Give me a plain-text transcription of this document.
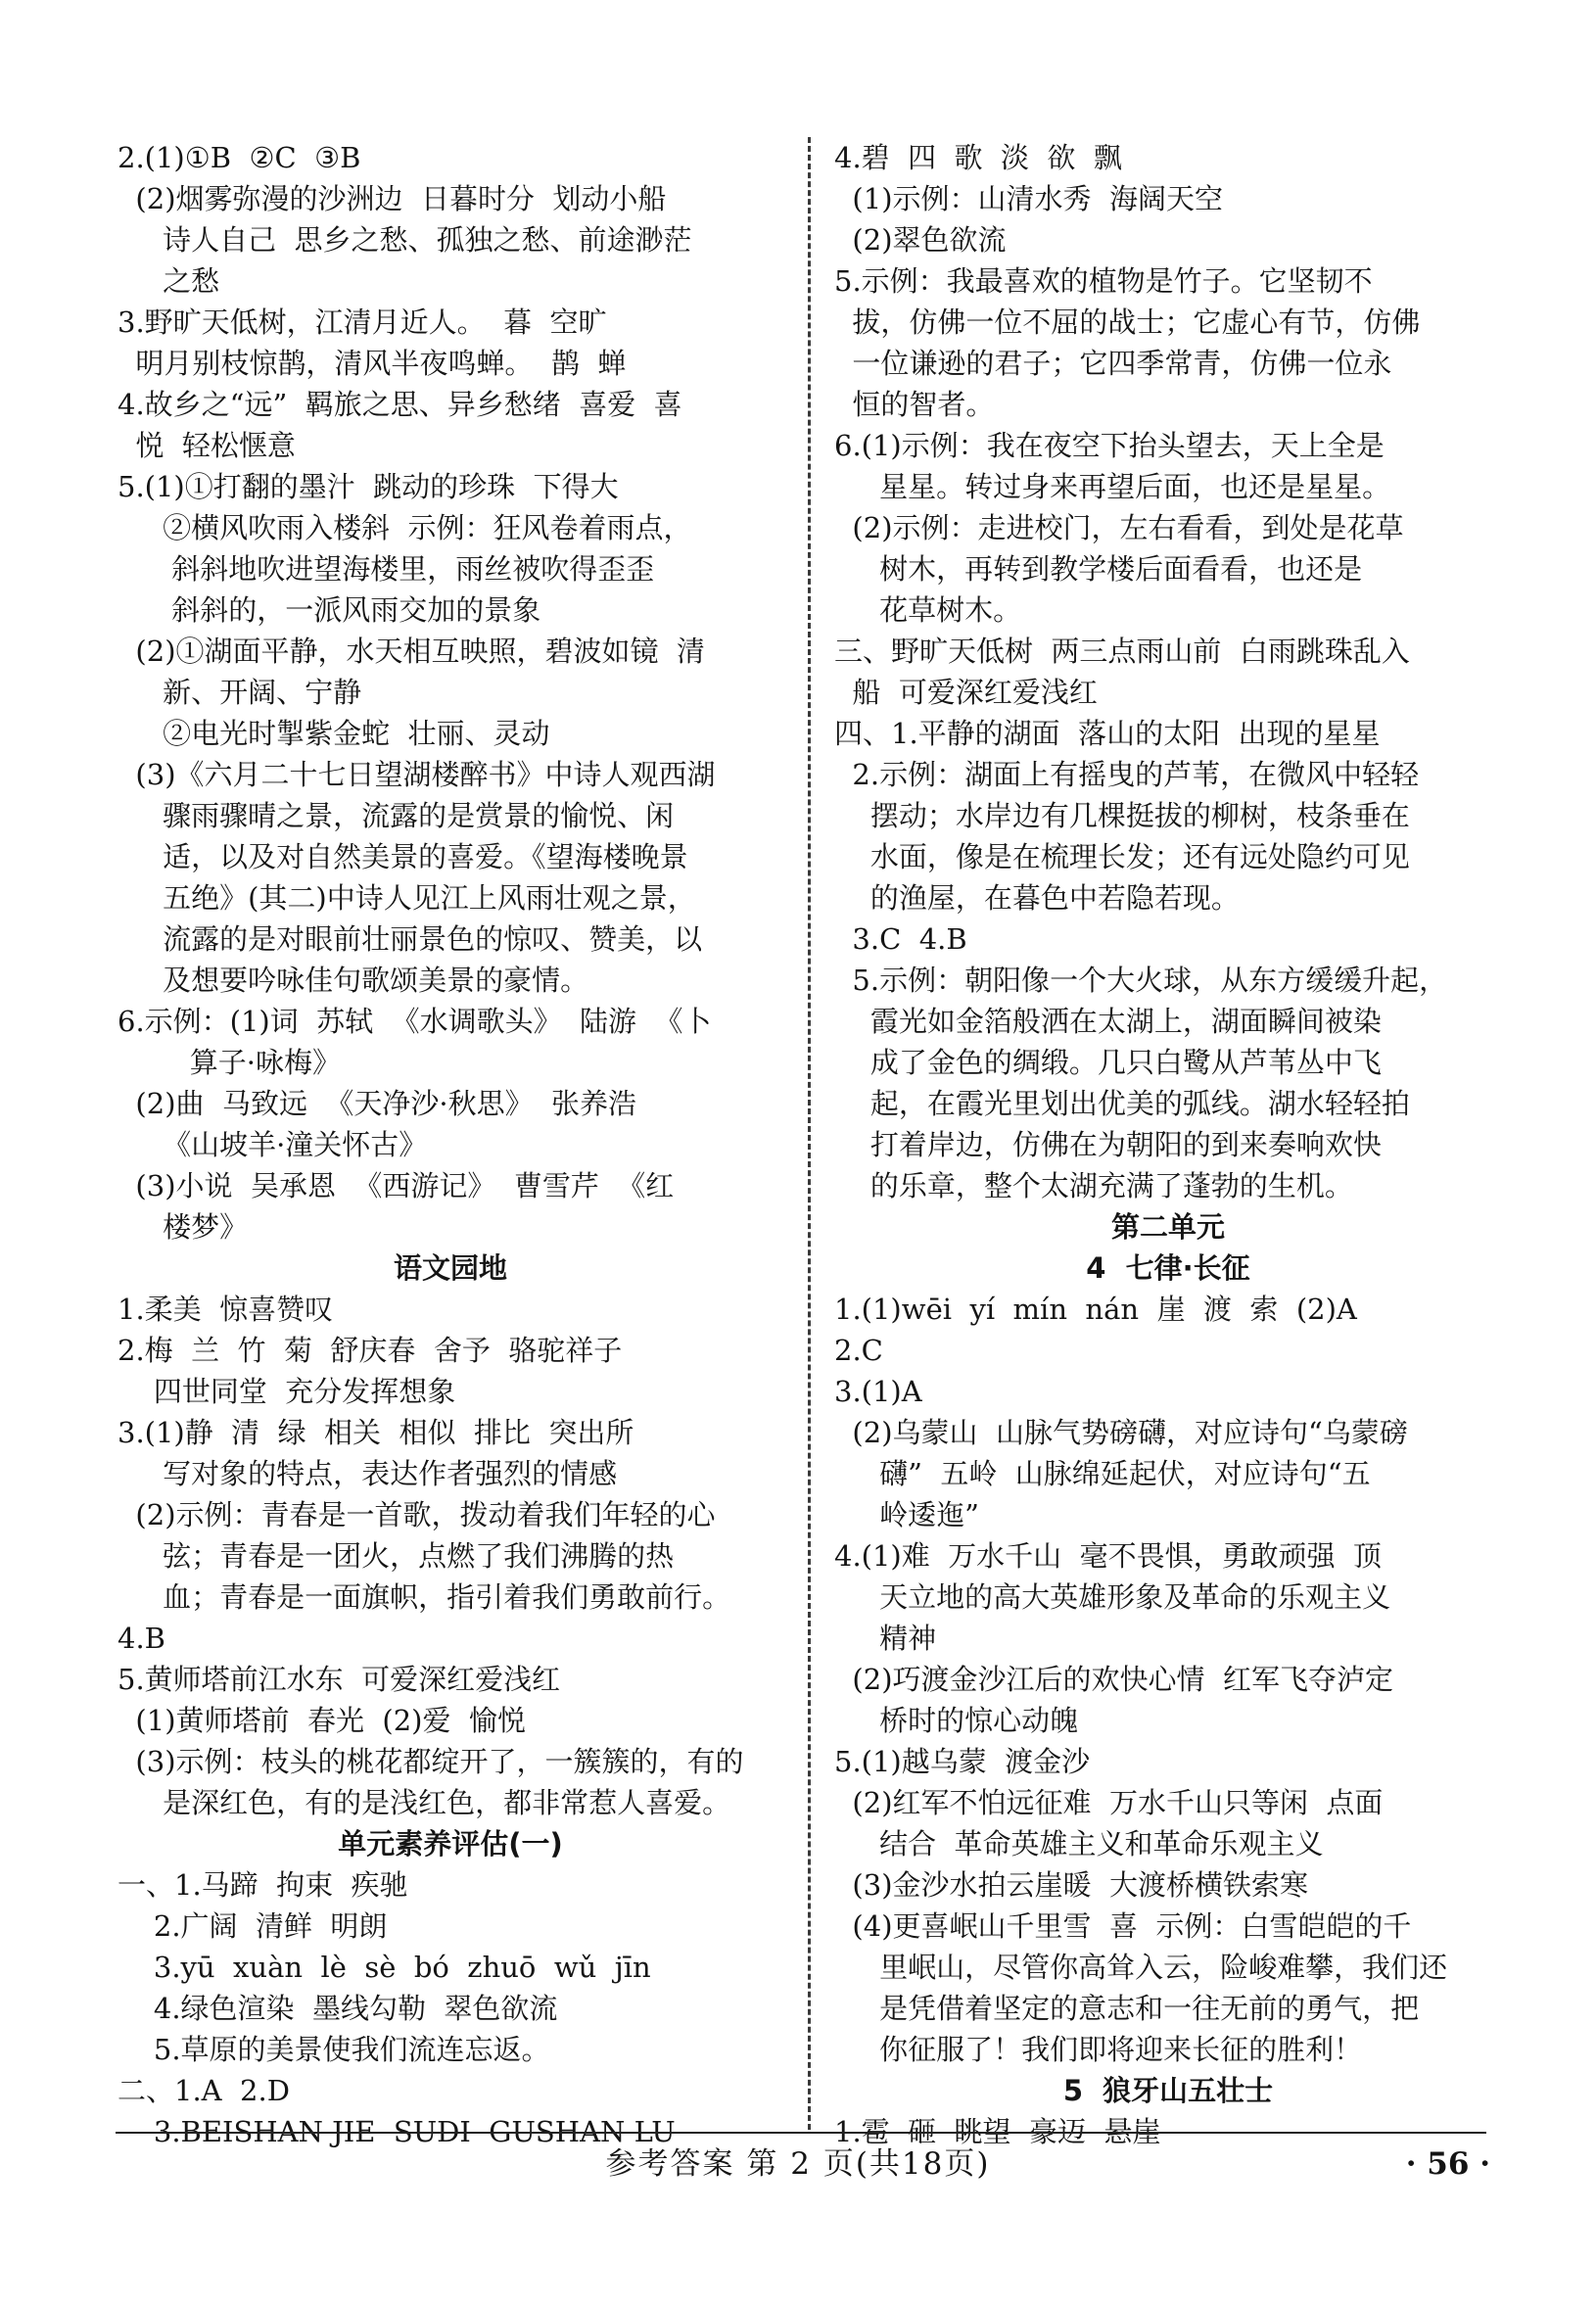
2.(1)①B  ②C  ③B
(2)烟雾弥漫的沙洲边  日暮时分  划动小船
诗人自己  思乡之愁、孤独之愁、前途渺茫
之愁
3.野旷天低树，江清月近人。  暮  空旷
明月别枝惊鹊，清风半夜鸣蝉。  鹊  蝉
4.故乡之“远”  羁旅之思、异乡愁绪  喜爱  喜
悦  轻松惬意
5.(1)①打翻的墨汁  跳动的珍珠  下得大
②横风吹雨入楼斜  示例：狂风卷着雨点，
斜斜地吹进望海楼里，雨丝被吹得歪歪
斜斜的，一派风雨交加的景象
(2)①湖面平静，水天相互映照，碧波如镜  清
新、开阔、宁静
②电光时掣紫金蛇  壮丽、灵动
(3)《六月二十七日望湖楼醉书》中诗人观西湖
骤雨骤晴之景，流露的是赏景的愉悦、闲
适，以及对自然美景的喜爱。《望海楼晚景
五绝》(其二)中诗人见江上风雨壮观之景，
流露的是对眼前壮丽景色的惊叹、赞美，以
及想要吟咏佳句歌颂美景的豪情。
6.示例：(1)词  苏轼  《水调歌头》  陆游  《卜
算子·咏梅》
(2)曲  马致远  《天净沙·秋思》  张养浩
《山坡羊·潼关怀古》
(3)小说  吴承恩  《西游记》  曹雪芹  《红
楼梦》
语文园地
1.柔美  惊喜赞叹
2.梅  兰  竹  菊  舒庆春  舍予  骆驼祥子
四世同堂  充分发挥想象
3.(1)静  清  绿  相关  相似  排比  突出所
写对象的特点，表达作者强烈的情感
(2)示例：青春是一首歌，拨动着我们年轻的心
弦；青春是一团火，点燃了我们沸腾的热
血；青春是一面旗帜，指引着我们勇敢前行。
4.B
5.黄师塔前江水东  可爱深红爱浅红
(1)黄师塔前  春光  (2)爱  愉悦
(3)示例：枝头的桃花都绽开了，一簇簇的，有的
是深红色，有的是浅红色，都非常惹人喜爱。
单元素养评估(一)
一、1.马蹄  拘束  疾驰
2.广阔  清鲜  明朗
3.yū  xuàn  lè  sè  bó  zhuō  wǔ  jīn
4.绿色渲染  墨线勾勒  翠色欲流
5.草原的美景使我们流连忘返。
二、1.A  2.D
3.BEISHAN JIE  SUDI  GUSHAN LU
4.碧  四  歌  淡  欲  飘
(1)示例：山清水秀  海阔天空
(2)翠色欲流
5.示例：我最喜欢的植物是竹子。它坚韧不
拔，仿佛一位不屈的战士；它虚心有节，仿佛
一位谦逊的君子；它四季常青，仿佛一位永
恒的智者。
6.(1)示例：我在夜空下抬头望去，天上全是
星星。转过身来再望后面，也还是星星。
(2)示例：走进校门，左右看看，到处是花草
树木，再转到教学楼后面看看，也还是
花草树木。
三、野旷天低树  两三点雨山前  白雨跳珠乱入
船  可爱深红爱浅红
四、1.平静的湖面  落山的太阳  出现的星星
2.示例：湖面上有摇曳的芦苇，在微风中轻轻
摆动；水岸边有几棵挺拔的柳树，枝条垂在
水面，像是在梳理长发；还有远处隐约可见
的渔屋，在暮色中若隐若现。
3.C  4.B
5.示例：朝阳像一个大火球，从东方缓缓升起，
霞光如金箔般洒在太湖上，湖面瞬间被染
成了金色的绸缎。几只白鹭从芦苇丛中飞
起，在霞光里划出优美的弧线。湖水轻轻拍
打着岸边，仿佛在为朝阳的到来奏响欢快
的乐章，整个太湖充满了蓬勃的生机。
第二单元
4  七律·长征
1.(1)wēi  yí  mín  nán  崖  渡  索  (2)A
2.C
3.(1)A
(2)乌蒙山  山脉气势磅礴，对应诗句“乌蒙磅
礴”  五岭  山脉绵延起伏，对应诗句“五
岭逶迤”
4.(1)难  万水千山  毫不畏惧，勇敢顽强  顶
天立地的高大英雄形象及革命的乐观主义
精神
(2)巧渡金沙江后的欢快心情  红军飞夺泸定
桥时的惊心动魄
5.(1)越乌蒙  渡金沙
(2)红军不怕远征难  万水千山只等闲  点面
结合  革命英雄主义和革命乐观主义
(3)金沙水拍云崖暖  大渡桥横铁索寒
(4)更喜岷山千里雪  喜  示例：白雪皑皑的千
里岷山，尽管你高耸入云，险峻难攀，我们还
是凭借着坚定的意志和一往无前的勇气，把
你征服了！我们即将迎来长征的胜利！
5  狼牙山五壮士
1.雹  砸  眺望  豪迈  悬崖
参考答案 第 2 页(共18页)	· 56 ·
